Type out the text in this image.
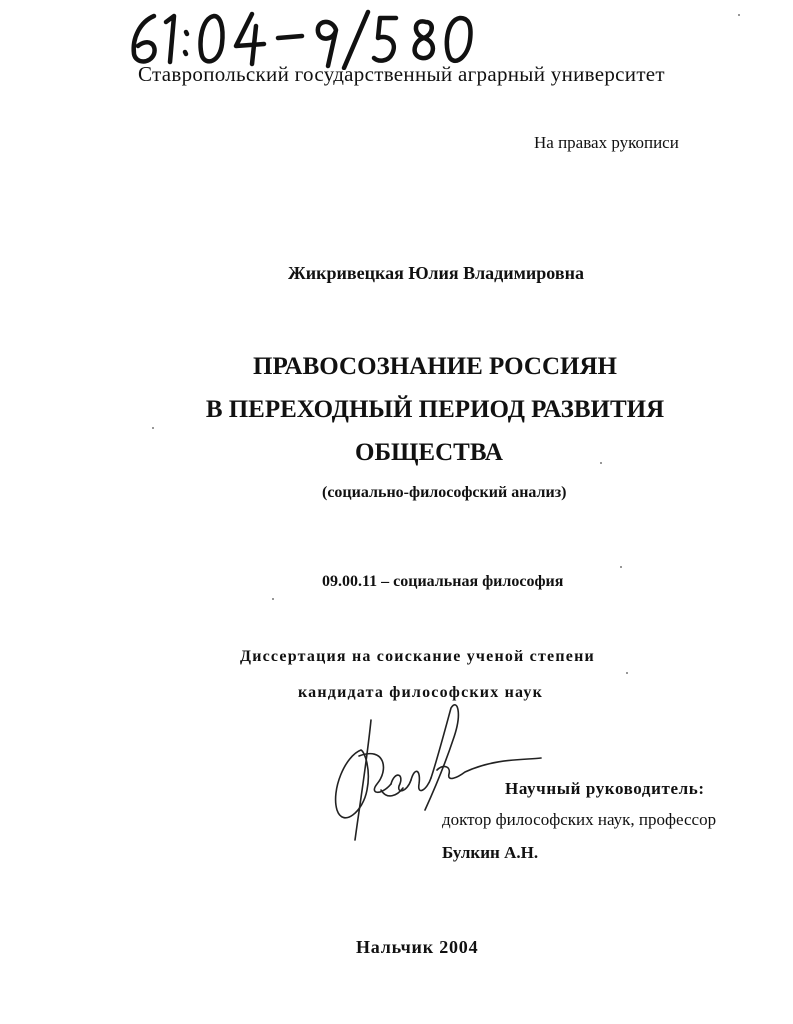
Ставропольский государственный аграрный университет
На правах рукописи
Жикривецкая Юлия Владимировна
ПРАВОСОЗНАНИЕ РОССИЯН
В ПЕРЕХОДНЫЙ ПЕРИОД РАЗВИТИЯ
ОБЩЕСТВА
(социально-философский анализ)
09.00.11 – социальная философия
Диссертация на соискание ученой степени
кандидата философских наук
Научный руководитель:
доктор философских наук, профессор
Булкин А.Н.
Нальчик 2004
